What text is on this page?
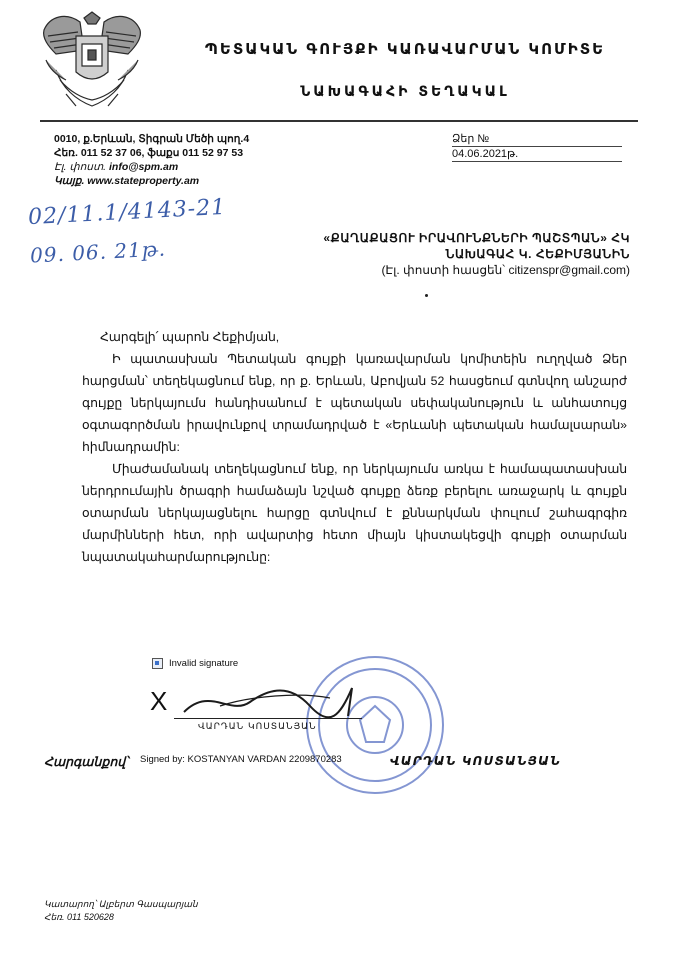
ՊԵՏԱԿԱՆ ԳՈՒՅՔԻ ԿԱՌԱՎԱՐՄԱՆ ԿՈՄԻՏԵ
ՆԱԽԱԳԱՀԻ ՏԵՂԱԿԱԼ
0010, ք.Երևան, Տիգրան Մեծի պող.4
Հեռ. 011 52 37 06, ֆաքս 011 52 97 53
Էլ. փոստ. info@spm.am
Կայք. www.stateproperty.am
Ձեր №
04.06.2021թ.
02/11.1/4143-21
09. 06. 21թ.	«ՔԱՂԱՔԱՑՈՒ ԻՐԱՎՈՒՆՔՆԵՐԻ ՊԱՇՏՊԱՆ» ՀԿ
ՆԱԽԱԳԱՀ Կ. ՀԵՔԻՄՅԱՆԻՆ
(Էլ. փոստի հասցեն՝ citizenspr@gmail.com)

Հարգելի՛ պարոն Հեքիմյան,

Ի պատասխան Պետական գույքի կառավարման կոմիտեին ուղղված Ձեր հարցման՝ տեղեկացնում ենք, որ ք. Երևան, Աբովյան 52 հասցեում գտնվող անշարժ գույքը ներկայումս հանդիսանում է պետական սեփականություն և անհատույց օգտագործման իրավունքով տրամադրված է «Երևանի պետական համալսարան» հիմնադրամին:

Միաժամանակ տեղեկացնում ենք, որ ներկայումս առկա է համապատասխան ներդրումային ծրագրի համաձայն նշված գույքը ձեռք բերելու առաջարկ և գույքն օտարման ներկայացնելու հարցը գտնվում է քննարկման փուլում շահագրգիռ մարմինների հետ, որի ավարտից հետո միայն կիստակեցվի գույքի օտարման նպատակահարմարությունը:

Invalid signature
X
ՎԱՐԴԱՆ ԿՈՍՏԱՆՅԱՆ
Signed by: KOSTANYAN VARDAN 2209870283
Հարգանքով՝	ՎԱՐԴԱՆ ԿՈՍՏԱՆՅԱՆ
Կատարող՝ Ալբերտ Գասպարյան
Հեռ. 011 520628
